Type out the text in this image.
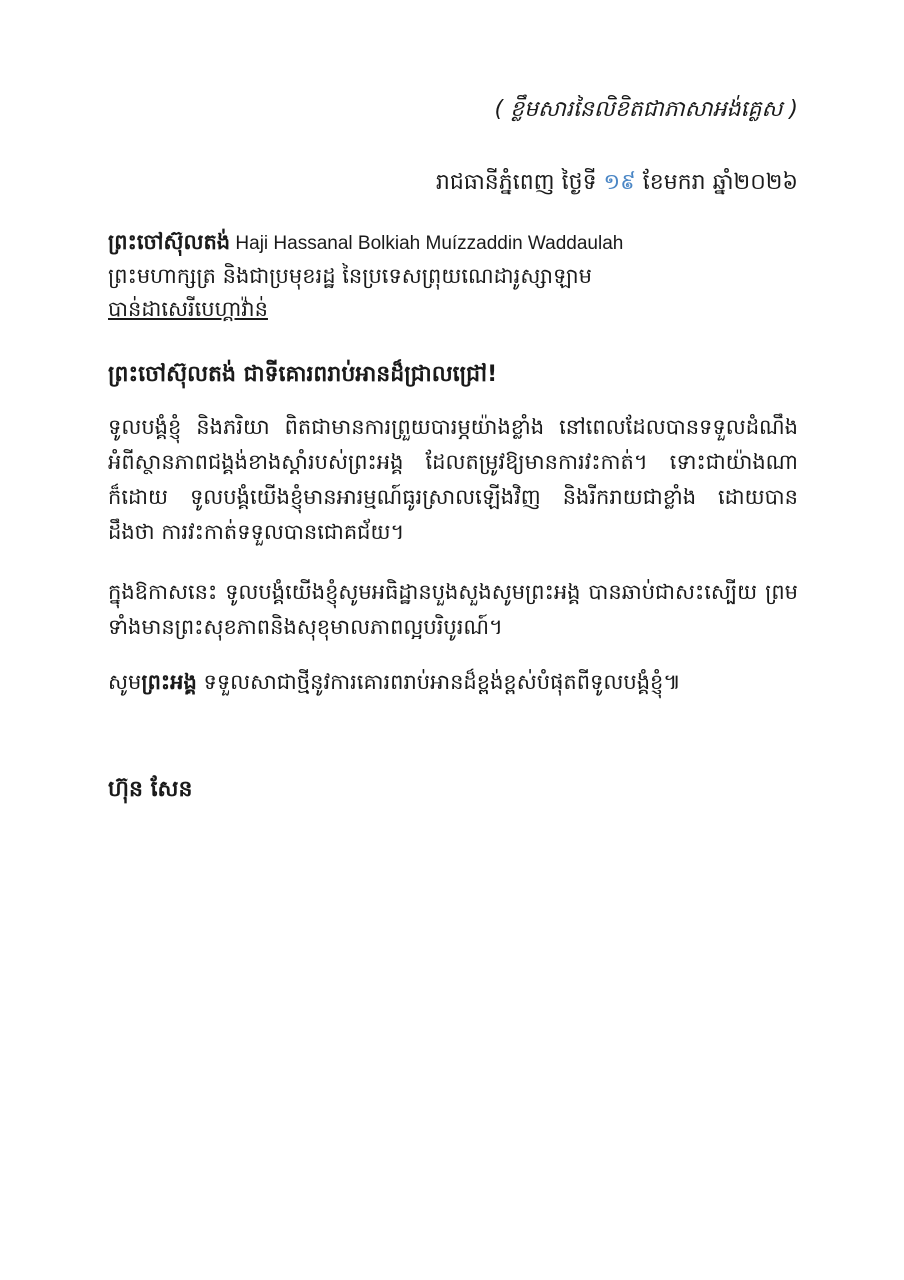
( ខ្លឹមសារនៃលិខិតជាភាសាអង់គ្លេស )
រាជធានីភ្នំពេញ ថ្ងៃទី ១៩ ខែមករា ឆ្នាំ២០២៦
ព្រះចៅស៊ុលតង់ Haji Hassanal Bolkiah Muízzaddin Waddaulah
ព្រះមហាក្សត្រ និងជាប្រមុខរដ្ឋ នៃប្រទេសព្រុយណេដារូស្សាឡាម
បាន់ដាសេរីបេហ្គាវ៉ាន់
ព្រះចៅស៊ុលតង់ ជាទីគោរពរាប់អានដ៏ជ្រាលជ្រៅ!
ទូលបង្គំខ្ញុំ និងភរិយា ពិតជាមានការព្រួយបារម្ភយ៉ាងខ្លាំង នៅពេលដែលបានទទួលដំណឹងអំពីស្ថានភាពជង្គង់ខាងស្តាំរបស់ព្រះអង្គ ដែលតម្រូវឱ្យមានការវះកាត់។ ទោះជាយ៉ាងណាក៏ដោយ ទូលបង្គំយើងខ្ញុំមានអារម្មណ៍ធូរស្រាលឡើងវិញ និងរីករាយជាខ្លាំង ដោយបានដឹងថា ការវះកាត់ទទួលបានជោគជ័យ។
ក្នុងឱកាសនេះ ទូលបង្គំយើងខ្ញុំសូមអធិដ្ឋានបួងសួងសូមព្រះអង្គ បានឆាប់ជាសះស្បើយ ព្រមទាំងមានព្រះសុខភាពនិងសុខុមាលភាពល្អបរិបូរណ៍។
សូមព្រះអង្គ ទទួលសាជាថ្មីនូវការគោរពរាប់អានដ៏ខ្ពង់ខ្ពស់បំផុតពីទូលបង្គំខ្ញុំ៕
ហ៊ុន សែន
